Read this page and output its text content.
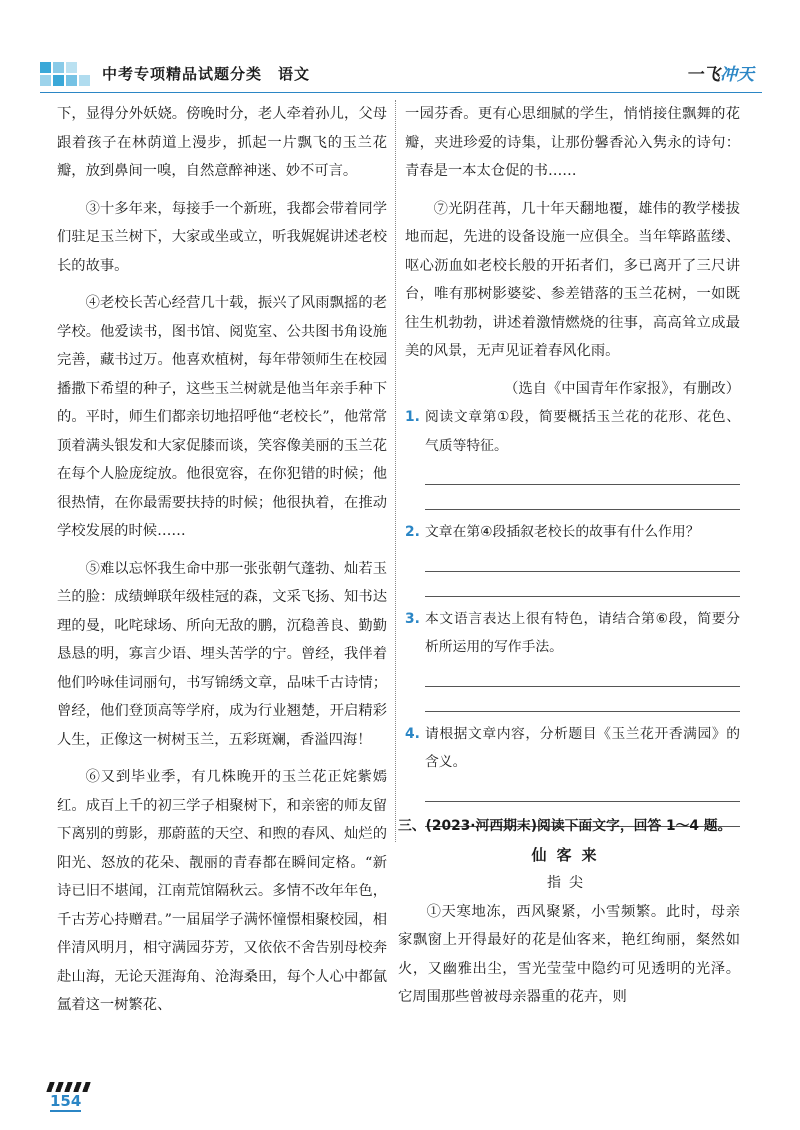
中考专项精品试题分类　语文	一飞冲天

下，显得分外妖娆。傍晚时分，老人牵着孙儿，父母跟着孩子在林荫道上漫步，抓起一片飘飞的玉兰花瓣，放到鼻间一嗅，自然意醉神迷、妙不可言。

③十多年来，每接手一个新班，我都会带着同学们驻足玉兰树下，大家或坐或立，听我娓娓讲述老校长的故事。

④老校长苦心经营几十载，振兴了风雨飘摇的老学校。他爱读书，图书馆、阅览室、公共图书角设施完善，藏书过万。他喜欢植树，每年带领师生在校园播撒下希望的种子，这些玉兰树就是他当年亲手种下的。平时，师生们都亲切地招呼他“老校长”，他常常顶着满头银发和大家促膝而谈，笑容像美丽的玉兰花在每个人脸庞绽放。他很宽容，在你犯错的时候；他很热情，在你最需要扶持的时候；他很执着，在推动学校发展的时候……

⑤难以忘怀我生命中那一张张朝气蓬勃、灿若玉兰的脸：成绩蝉联年级桂冠的森，文采飞扬、知书达理的曼，叱咤球场、所向无敌的鹏，沉稳善良、勤勤恳恳的明，寡言少语、埋头苦学的宁。曾经，我伴着他们吟咏佳词丽句，书写锦绣文章，品味千古诗情；曾经，他们登顶高等学府，成为行业翘楚，开启精彩人生，正像这一树树玉兰，五彩斑斓，香溢四海！

⑥又到毕业季，有几株晚开的玉兰花正姹紫嫣红。成百上千的初三学子相聚树下，和亲密的师友留下离别的剪影，那蔚蓝的天空、和煦的春风、灿烂的阳光、怒放的花朵、靓丽的青春都在瞬间定格。“新诗已旧不堪闻，江南荒馆隔秋云。多情不改年年色，千古芳心持赠君。”一届届学子满怀憧憬相聚校园，相伴清风明月，相守满园芬芳，又依依不舍告别母校奔赴山海，无论天涯海角、沧海桑田，每个人心中都氤氲着这一树繁花、

一园芬香。更有心思细腻的学生，悄悄接住飘舞的花瓣，夹进珍爱的诗集，让那份馨香沁入隽永的诗句：青春是一本太仓促的书……

⑦光阴荏苒，几十年天翻地覆，雄伟的教学楼拔地而起，先进的设备设施一应俱全。当年筚路蓝缕、呕心沥血如老校长般的开拓者们，多已离开了三尺讲台，唯有那树影婆娑、参差错落的玉兰花树，一如既往生机勃勃，讲述着激情燃烧的往事，高高耸立成最美的风景，无声见证着春风化雨。

（选自《中国青年作家报》，有删改）

1. 阅读文章第①段，简要概括玉兰花的花形、花色、气质等特征。
2. 文章在第④段插叙老校长的故事有什么作用？
3. 本文语言表达上很有特色，请结合第⑥段，简要分析所运用的写作手法。
4. 请根据文章内容，分析题目《玉兰花开香满园》的含义。

三、(2023·河西期末)阅读下面文字，回答 1～4 题。

仙客来

指尖

①天寒地冻，西风聚紧，小雪频繁。此时，母亲家飘窗上开得最好的花是仙客来，艳红绚丽，粲然如火，又幽雅出尘，雪光莹莹中隐约可见透明的光泽。它周围那些曾被母亲器重的花卉，则

154
